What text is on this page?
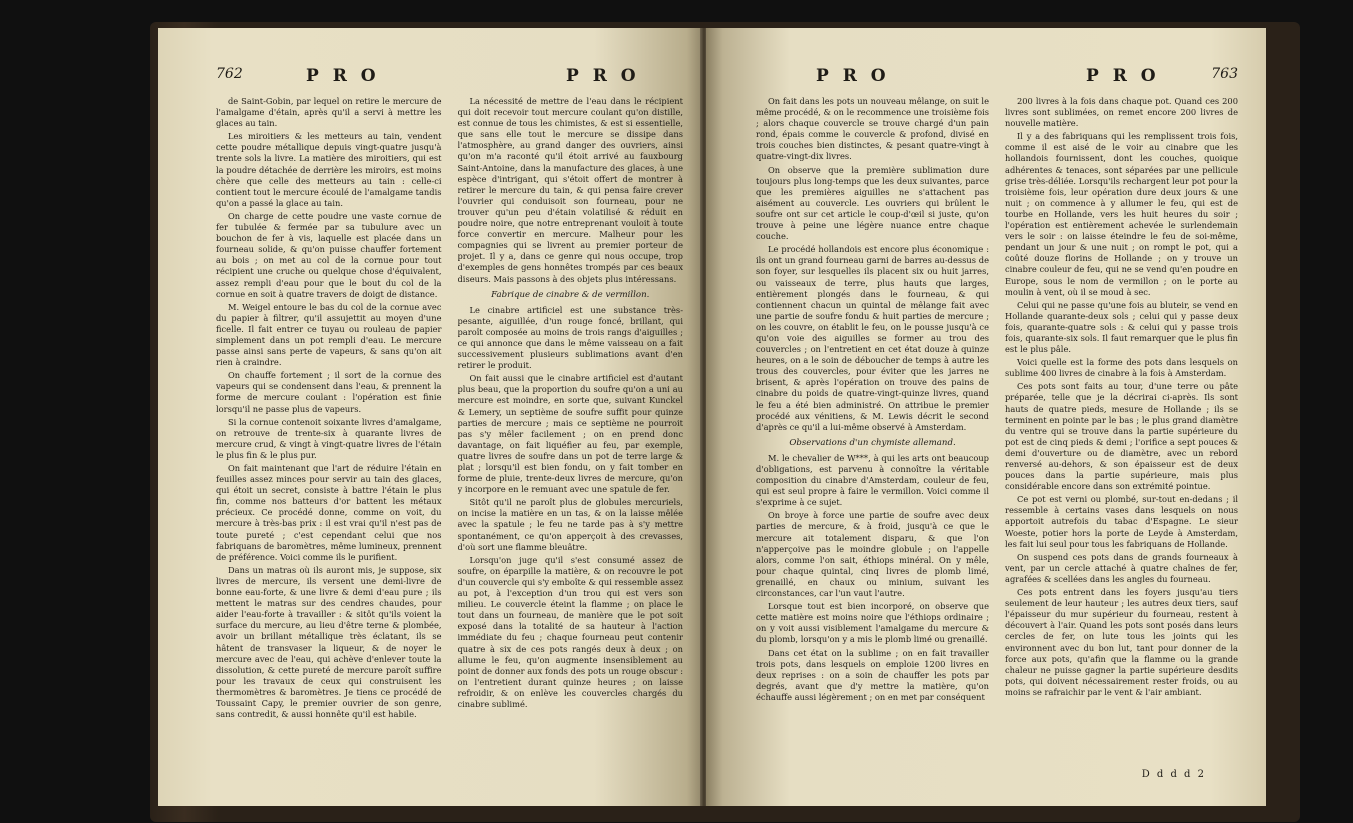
762	P R O	P R O

de Saint-Gobin, par lequel on retire le mercure de l'amalgame d'étain, après qu'il a servi à mettre les glaces au tain.

Les miroitiers & les metteurs au tain, vendent cette poudre métallique depuis vingt-quatre jusqu'à trente sols la livre. La matière des miroitiers, qui est la poudre détachée de derrière les miroirs, est moins chère que celle des metteurs au tain : celle-ci contient tout le mercure écoulé de l'amalgame tandis qu'on a passé la glace au tain.

On charge de cette poudre une vaste cornue de fer tubulée & fermée par sa tubulure avec un bouchon de fer à vis, laquelle est placée dans un fourneau solide, & qu'on puisse chauffer fortement au bois ; on met au col de la cornue pour tout récipient une cruche ou quelque chose d'équivalent, assez rempli d'eau pour que le bout du col de la cornue en soit à quatre travers de doigt de distance.

M. Weigel entoure le bas du col de la cornue avec du papier à filtrer, qu'il assujettit au moyen d'une ficelle. Il fait entrer ce tuyau ou rouleau de papier simplement dans un pot rempli d'eau. Le mercure passe ainsi sans perte de vapeurs, & sans qu'on ait rien à craindre.

On chauffe fortement ; il sort de la cornue des vapeurs qui se condensent dans l'eau, & prennent la forme de mercure coulant : l'opération est finie lorsqu'il ne passe plus de vapeurs.

Si la cornue contenoit soixante livres d'amalgame, on retrouve de trente-six à quarante livres de mercure crud, & vingt à vingt-quatre livres de l'étain le plus fin & le plus pur.

On fait maintenant que l'art de réduire l'étain en feuilles assez minces pour servir au tain des glaces, qui étoit un secret, consiste à battre l'étain le plus fin, comme nos batteurs d'or battent les métaux précieux. Ce procédé donne, comme on voit, du mercure à très-bas prix : il est vrai qu'il n'est pas de toute pureté ; c'est cependant celui que nos fabriquans de baromètres, même lumineux, prennent de préférence. Voici comme ils le purifient.

Dans un matras où ils auront mis, je suppose, six livres de mercure, ils versent une demi-livre de bonne eau-forte, & une livre & demi d'eau pure ; ils mettent le matras sur des cendres chaudes, pour aider l'eau-forte à travailler : & sitôt qu'ils voient la surface du mercure, au lieu d'être terne & plombée, avoir un brillant métallique très éclatant, ils se hâtent de transvaser la liqueur, & de noyer le mercure avec de l'eau, qui achève d'enlever toute la dissolution, & cette pureté de mercure paroît suffire pour les travaux de ceux qui construisent les thermomètres & baromètres. Je tiens ce procédé de Toussaint Capy, le premier ouvrier de son genre, sans contredit, & aussi honnête qu'il est habile.

La nécessité de mettre de l'eau dans le récipient qui doit recevoir tout mercure coulant qu'on distille, est connue de tous les chimistes, & est si essentielle, que sans elle tout le mercure se dissipe dans l'atmosphère, au grand danger des ouvriers, ainsi qu'on m'a raconté qu'il étoit arrivé au fauxbourg Saint-Antoine, dans la manufacture des glaces, à une espèce d'intrigant, qui s'étoit offert de montrer à retirer le mercure du tain, & qui pensa faire crever l'ouvrier qui conduisoit son fourneau, pour ne trouver qu'un peu d'étain volatilisé & réduit en poudre noire, que notre entreprenant vouloit à toute force convertir en mercure. Malheur pour les compagnies qui se livrent au premier porteur de projet. Il y a, dans ce genre qui nous occupe, trop d'exemples de gens honnêtes trompés par ces beaux diseurs. Mais passons à des objets plus intéressans.

Fabrique de cinabre & de vermillon.

Le cinabre artificiel est une substance très-pesante, aiguillée, d'un rouge foncé, brillant, qui paroît composée au moins de trois rangs d'aiguilles ; ce qui annonce que dans le même vaisseau on a fait successivement plusieurs sublimations avant d'en retirer le produit.

On fait aussi que le cinabre artificiel est d'autant plus beau, que la proportion du soufre qu'on a uni au mercure est moindre, en sorte que, suivant Kunckel & Lemery, un septième de soufre suffit pour quinze parties de mercure ; mais ce septième ne pourroit pas s'y mêler facilement ; on en prend donc davantage, on fait liquéfier au feu, par exemple, quatre livres de soufre dans un pot de terre large & plat ; lorsqu'il est bien fondu, on y fait tomber en forme de pluie, trente-deux livres de mercure, qu'on y incorpore en le remuant avec une spatule de fer.

Sitôt qu'il ne paroît plus de globules mercuriels, on incise la matière en un tas, & on la laisse mêlée avec la spatule ; le feu ne tarde pas à s'y mettre spontanément, ce qu'on apperçoit à des crevasses, d'où sort une flamme bleuâtre.

Lorsqu'on juge qu'il s'est consumé assez de soufre, on éparpille la matière, & on recouvre le pot d'un couvercle qui s'y emboîte & qui ressemble assez au pot, à l'exception d'un trou qui est vers son milieu. Le couvercle éteint la flamme ; on place le tout dans un fourneau, de manière que le pot soit exposé dans la totalité de sa hauteur à l'action immédiate du feu ; chaque fourneau peut contenir quatre à six de ces pots rangés deux à deux ; on allume le feu, qu'on augmente insensiblement au point de donner aux fonds des pots un rouge obscur : on l'entretient durant quinze heures ; on laisse refroidir, & on enlève les couvercles chargés du cinabre sublimé.

P R O	P R O	763

On fait dans les pots un nouveau mêlange, on suit le même procédé, & on le recommence une troisième fois ; alors chaque couvercle se trouve chargé d'un pain rond, épais comme le couvercle & profond, divisé en trois couches bien distinctes, & pesant quatre-vingt à quatre-vingt-dix livres.

On observe que la première sublimation dure toujours plus long-temps que les deux suivantes, parce que les premières aiguilles ne s'attachent pas aisément au couvercle. Les ouvriers qui brûlent le soufre ont sur cet article le coup-d'œil si juste, qu'on trouve à peine une légère nuance entre chaque couche.

Le procédé hollandois est encore plus économique : ils ont un grand fourneau garni de barres au-dessus de son foyer, sur lesquelles ils placent six ou huit jarres, ou vaisseaux de terre, plus hauts que larges, entièrement plongés dans le fourneau, & qui contiennent chacun un quintal de mêlange fait avec une partie de soufre fondu & huit parties de mercure ; on les couvre, on établit le feu, on le pousse jusqu'à ce qu'on voie des aiguilles se former au trou des couvercles ; on l'entretient en cet état douze à quinze heures, on a le soin de déboucher de temps à autre les trous des couvercles, pour éviter que les jarres ne brisent, & après l'opération on trouve des pains de cinabre du poids de quatre-vingt-quinze livres, quand le feu a été bien administré. On attribue le premier procédé aux vénitiens, & M. Lewis décrit le second d'après ce qu'il a lui-même observé à Amsterdam.

Observations d'un chymiste allemand.

M. le chevalier de W***, à qui les arts ont beaucoup d'obligations, est parvenu à connoître la véritable composition du cinabre d'Amsterdam, couleur de feu, qui est seul propre à faire le vermillon. Voici comme il s'exprime à ce sujet.

On broye à force une partie de soufre avec deux parties de mercure, & à froid, jusqu'à ce que le mercure ait totalement disparu, & que l'on n'apperçoive pas le moindre globule ; on l'appelle alors, comme l'on sait, éthiops minéral. On y mêle, pour chaque quintal, cinq livres de plomb limé, grenaillé, en chaux ou minium, suivant les circonstances, car l'un vaut l'autre.

Lorsque tout est bien incorporé, on observe que cette matière est moins noire que l'éthiops ordinaire ; on y voit aussi visiblement l'amalgame du mercure & du plomb, lorsqu'on y a mis le plomb limé ou grenaillé.

Dans cet état on la sublime ; on en fait travailler trois pots, dans lesquels on emploie 1200 livres en deux reprises : on a soin de chauffer les pots par degrés, avant que d'y mettre la matière, qu'on échauffe aussi légèrement ; on en met par conséquent

200 livres à la fois dans chaque pot. Quand ces 200 livres sont sublimées, on remet encore 200 livres de nouvelle matière.

Il y a des fabriquans qui les remplissent trois fois, comme il est aisé de le voir au cinabre que les hollandois fournissent, dont les couches, quoique adhérentes & tenaces, sont séparées par une pellicule grise très-déliée. Lorsqu'ils rechargent leur pot pour la troisième fois, leur opération dure deux jours & une nuit ; on commence à y allumer le feu, qui est de tourbe en Hollande, vers les huit heures du soir ; l'opération est entièrement achevée le surlendemain vers le soir : on laisse éteindre le feu de soi-même, pendant un jour & une nuit ; on rompt le pot, qui a coûté douze florins de Hollande ; on y trouve un cinabre couleur de feu, qui ne se vend qu'en poudre en Europe, sous le nom de vermillon ; on le porte au moulin à vent, où il se moud à sec.

Celui qui ne passe qu'une fois au bluteir, se vend en Hollande quarante-deux sols ; celui qui y passe deux fois, quarante-quatre sols : & celui qui y passe trois fois, quarante-six sols. Il faut remarquer que le plus fin est le plus pâle.

Voici quelle est la forme des pots dans lesquels on sublime 400 livres de cinabre à la fois à Amsterdam.

Ces pots sont faits au tour, d'une terre ou pâte préparée, telle que je la décrirai ci-après. Ils sont hauts de quatre pieds, mesure de Hollande ; ils se terminent en pointe par le bas ; le plus grand diamètre du ventre qui se trouve dans la partie supérieure du pot est de cinq pieds & demi ; l'orifice a sept pouces & demi d'ouverture ou de diamètre, avec un rebord renversé au-dehors, & son épaisseur est de deux pouces dans la partie supérieure, mais plus considérable encore dans son extrémité pointue.

Ce pot est verni ou plombé, sur-tout en-dedans ; il ressemble à certains vases dans lesquels on nous apportoit autrefois du tabac d'Espagne. Le sieur Woeste, potier hors la porte de Leyde à Amsterdam, les fait lui seul pour tous les fabriquans de Hollande.

On suspend ces pots dans de grands fourneaux à vent, par un cercle attaché à quatre chaînes de fer, agrafées & scellées dans les angles du fourneau.

Ces pots entrent dans les foyers jusqu'au tiers seulement de leur hauteur ; les autres deux tiers, sauf l'épaisseur du mur supérieur du fourneau, restent à découvert à l'air. Quand les pots sont posés dans leurs cercles de fer, on lute tous les joints qui les environnent avec du bon lut, tant pour donner de la force aux pots, qu'afin que la flamme ou la grande chaleur ne puisse gagner la partie supérieure desdits pots, qui doivent nécessairement rester froids, ou au moins se rafraichir par le vent & l'air ambiant.

D d d d 2
